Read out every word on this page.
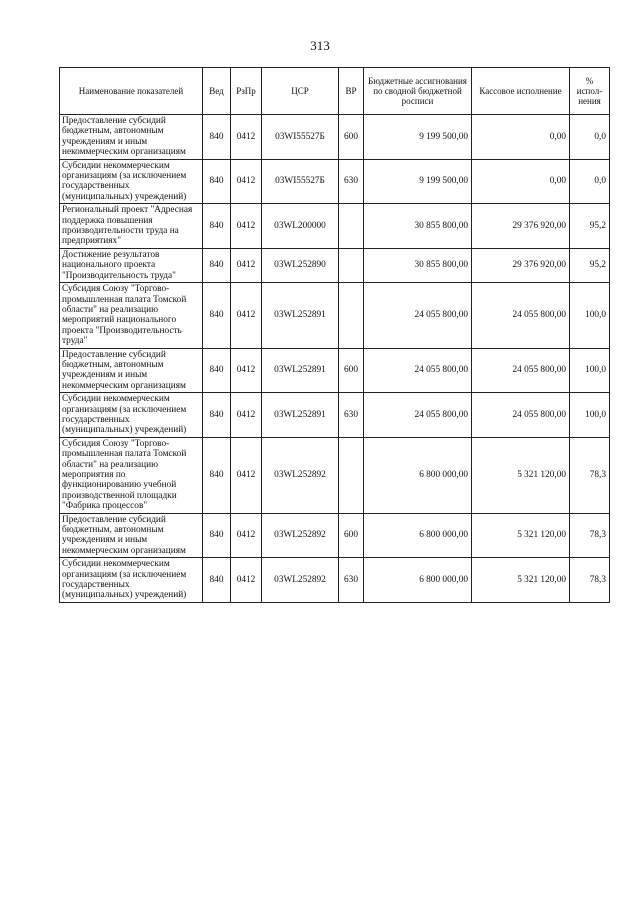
313
Наименование показателей	Вед	РзПр	ЦСР	ВР	Бюджетные ассигнования по сводной бюджетной росписи	Кассовое исполнение	% испол- нения
Предоставление субсидий бюджетным, автономным учреждениям и иным некоммерческим организациям	840	0412	03WI55527Б	600	9 199 500,00	0,00	0,0
Субсидии некоммерческим организациям (за исключением государственных (муниципальных) учреждений)	840	0412	03WI55527Б	630	9 199 500,00	0,00	0,0
Региональный проект "Адресная поддержка повышения производительности труда на предприятиях"	840	0412	03WL200000		30 855 800,00	29 376 920,00	95,2
Достижение результатов национального проекта "Производительность труда"	840	0412	03WL252890		30 855 800,00	29 376 920,00	95,2
Субсидия Союзу "Торгово-промышленная палата Томской области" на реализацию мероприятий национального проекта "Производительность труда"	840	0412	03WL252891		24 055 800,00	24 055 800,00	100,0
Предоставление субсидий бюджетным, автономным учреждениям и иным некоммерческим организациям	840	0412	03WL252891	600	24 055 800,00	24 055 800,00	100,0
Субсидии некоммерческим организациям (за исключением государственных (муниципальных) учреждений)	840	0412	03WL252891	630	24 055 800,00	24 055 800,00	100,0
Субсидия Союзу "Торгово-промышленная палата Томской области" на реализацию мероприятия по функционированию учебной производственной площадки "Фабрика процессов"	840	0412	03WL252892		6 800 000,00	5 321 120,00	78,3
Предоставление субсидий бюджетным, автономным учреждениям и иным некоммерческим организациям	840	0412	03WL252892	600	6 800 000,00	5 321 120,00	78,3
Субсидии некоммерческим организациям (за исключением государственных (муниципальных) учреждений)	840	0412	03WL252892	630	6 800 000,00	5 321 120,00	78,3
